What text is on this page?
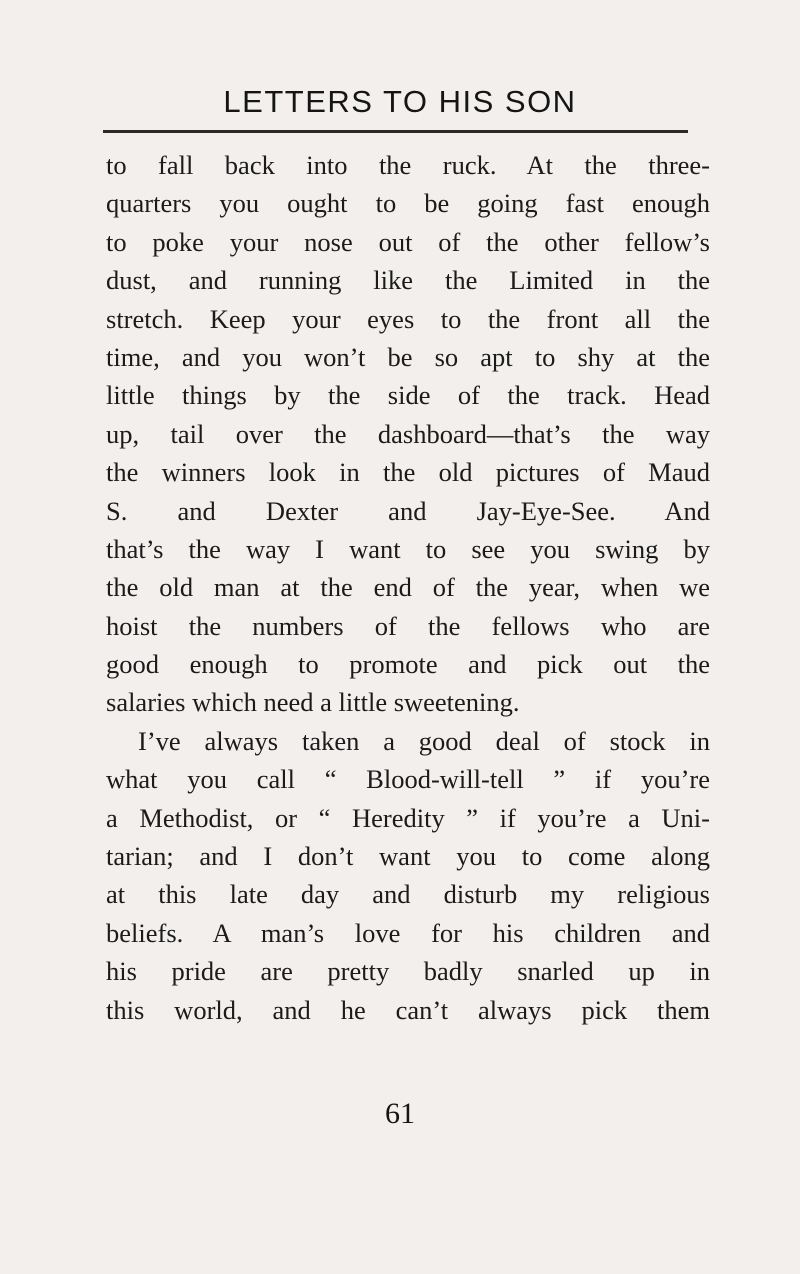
LETTERS TO HIS SON
to fall back into the ruck. At the three-
quarters you ought to be going fast enough
to poke your nose out of the other fellow’s
dust, and running like the Limited in the
stretch. Keep your eyes to the front all the
time, and you won’t be so apt to shy at the
little things by the side of the track. Head
up, tail over the dashboard—that’s the way
the winners look in the old pictures of Maud
S. and Dexter and Jay-Eye-See. And
that’s the way I want to see you swing by
the old man at the end of the year, when we
hoist the numbers of the fellows who are
good enough to promote and pick out the
salaries which need a little sweetening.
I’ve always taken a good deal of stock in
what you call “ Blood-will-tell ” if you’re
a Methodist, or “ Heredity ” if you’re a Uni-
tarian; and I don’t want you to come along
at this late day and disturb my religious
beliefs. A man’s love for his children and
his pride are pretty badly snarled up in
this world, and he can’t always pick them
61
